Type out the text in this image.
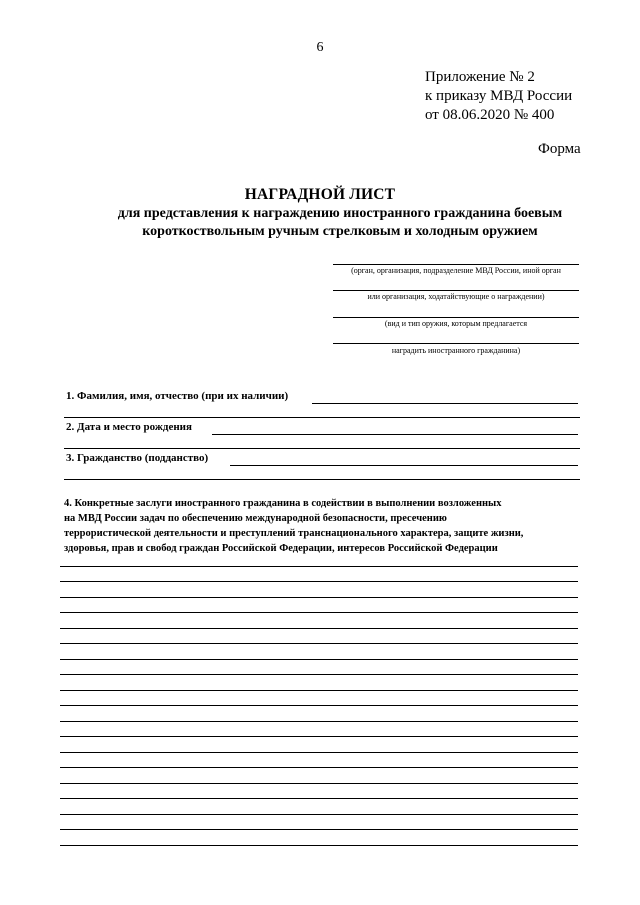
6
Приложение № 2
к приказу МВД России
от 08.06.2020 № 400
Форма
НАГРАДНОЙ ЛИСТ
для представления к награждению иностранного гражданина боевым
короткоствольным ручным стрелковым и холодным оружием
(орган, организация, подразделение МВД России, иной орган
или организация, ходатайствующие о награждении)
(вид и тип оружия, которым предлагается
наградить иностранного гражданина)
1. Фамилия, имя, отчество (при их наличии)
2. Дата и место рождения
3. Гражданство (подданство)

4. Конкретные заслуги иностранного гражданина в содействии в выполнении возложенных

на МВД России задач по обеспечению международной безопасности, пресечению

террористической деятельности и преступлений транснационального характера, защите жизни,

здоровья, прав и свобод граждан Российской Федерации, интересов Российской Федерации
